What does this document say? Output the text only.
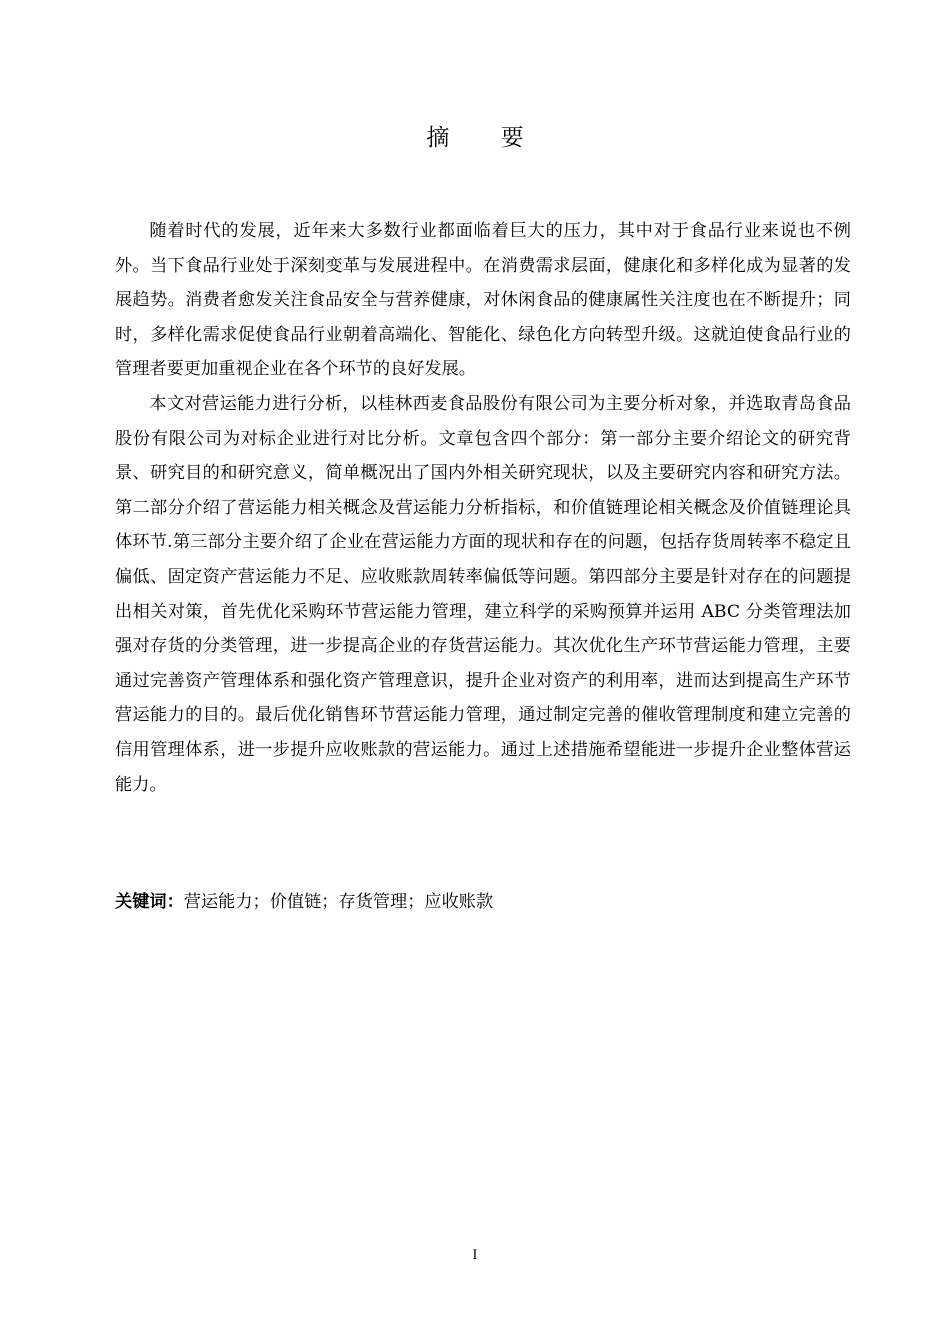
摘 要

随着时代的发展，近年来大多数行业都面临着巨大的压力，其中对于食品行业来说也不例外。当下食品行业处于深刻变革与发展进程中。在消费需求层面，健康化和多样化成为显著的发展趋势。消费者愈发关注食品安全与营养健康，对休闲食品的健康属性关注度也在不断提升；同时，多样化需求促使食品行业朝着高端化、智能化、绿色化方向转型升级。这就迫使食品行业的管理者要更加重视企业在各个环节的良好发展。

本文对营运能力进行分析，以桂林西麦食品股份有限公司为主要分析对象，并选取青岛食品股份有限公司为对标企业进行对比分析。文章包含四个部分：第一部分主要介绍论文的研究背景、研究目的和研究意义，简单概况出了国内外相关研究现状，以及主要研究内容和研究方法。第二部分介绍了营运能力相关概念及营运能力分析指标，和价值链理论相关概念及价值链理论具体环节.第三部分主要介绍了企业在营运能力方面的现状和存在的问题，包括存货周转率不稳定且偏低、固定资产营运能力不足、应收账款周转率偏低等问题。第四部分主要是针对存在的问题提出相关对策，首先优化采购环节营运能力管理，建立科学的采购预算并运用 ABC 分类管理法加强对存货的分类管理，进一步提高企业的存货营运能力。其次优化生产环节营运能力管理，主要通过完善资产管理体系和强化资产管理意识，提升企业对资产的利用率，进而达到提高生产环节营运能力的目的。最后优化销售环节营运能力管理，通过制定完善的催收管理制度和建立完善的信用管理体系，进一步提升应收账款的营运能力。通过上述措施希望能进一步提升企业整体营运能力。

关键词：营运能力；价值链；存货管理；应收账款
I
